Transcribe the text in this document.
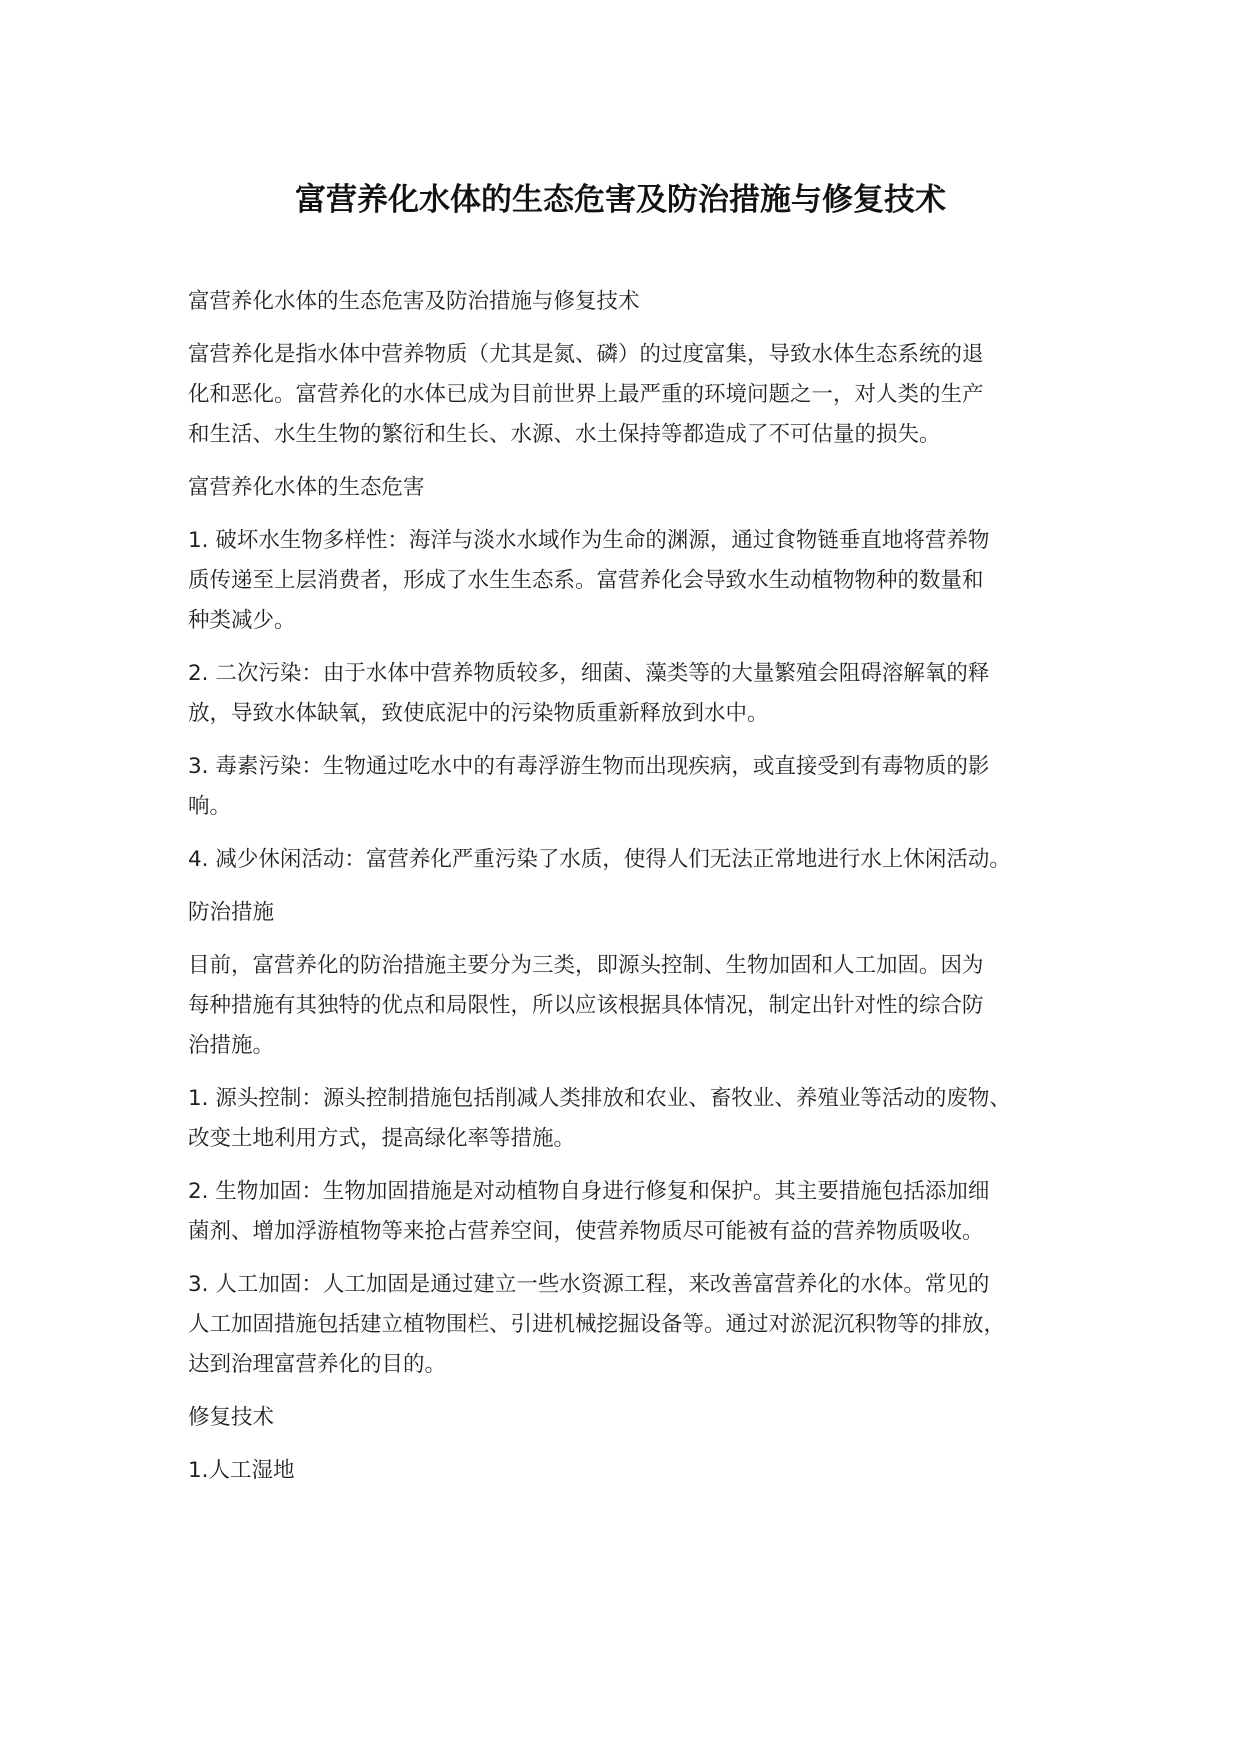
富营养化水体的生态危害及防治措施与修复技术

富营养化水体的生态危害及防治措施与修复技术

富营养化是指水体中营养物质（尤其是氮、磷）的过度富集，导致水体生态系统的退
化和恶化。富营养化的水体已成为目前世界上最严重的环境问题之一，对人类的生产
和生活、水生生物的繁衍和生长、水源、水土保持等都造成了不可估量的损失。

富营养化水体的生态危害

1. 破坏水生物多样性：海洋与淡水水域作为生命的渊源，通过食物链垂直地将营养物
质传递至上层消费者，形成了水生生态系。富营养化会导致水生动植物物种的数量和
种类减少。

2. 二次污染：由于水体中营养物质较多，细菌、藻类等的大量繁殖会阻碍溶解氧的释
放，导致水体缺氧，致使底泥中的污染物质重新释放到水中。

3. 毒素污染：生物通过吃水中的有毒浮游生物而出现疾病，或直接受到有毒物质的影
响。

4. 减少休闲活动：富营养化严重污染了水质，使得人们无法正常地进行水上休闲活动。

防治措施

目前，富营养化的防治措施主要分为三类，即源头控制、生物加固和人工加固。因为
每种措施有其独特的优点和局限性，所以应该根据具体情况，制定出针对性的综合防
治措施。

1. 源头控制：源头控制措施包括削减人类排放和农业、畜牧业、养殖业等活动的废物、
改变土地利用方式，提高绿化率等措施。

2. 生物加固：生物加固措施是对动植物自身进行修复和保护。其主要措施包括添加细
菌剂、增加浮游植物等来抢占营养空间，使营养物质尽可能被有益的营养物质吸收。

3. 人工加固：人工加固是通过建立一些水资源工程，来改善富营养化的水体。常见的
人工加固措施包括建立植物围栏、引进机械挖掘设备等。通过对淤泥沉积物等的排放，
达到治理富营养化的目的。

修复技术

1.人工湿地
